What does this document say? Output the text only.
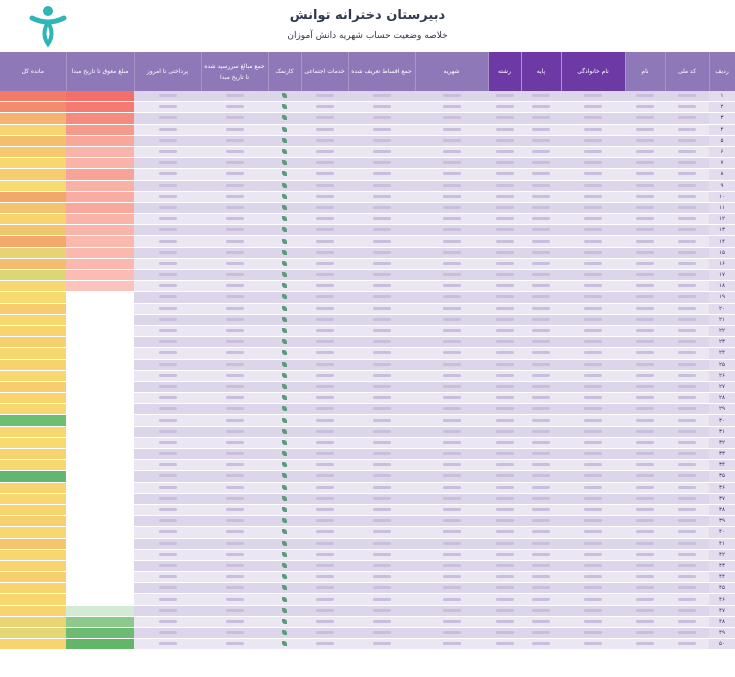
دبیرستان دخترانه توانش
خلاصه وضعیت حساب شهریه دانش آموزان
مانده کل	مبلغ معوق تا تاریخ مبدا	پرداختی تا امروز	جمع مبالغ سررسید شده تا تاریخ مبدا	کارنمک	خدمات اجتماعی	جمع اقساط تعریف شده	شهریه	رشته	پایه	نام خانوادگی	نام	کد ملی	ردیف
													۱
													۲
													۳
													۴
													۵
													۶
													۷
													۸
													۹
													۱۰
													۱۱
													۱۲
													۱۳
													۱۴
													۱۵
													۱۶
													۱۷
													۱۸
													۱۹
													۲۰
													۲۱
													۲۲
													۲۳
													۲۴
													۲۵
													۲۶
													۲۷
													۲۸
													۲۹
													۳۰
													۳۱
													۳۲
													۳۳
													۳۴
													۳۵
													۳۶
													۳۷
													۳۸
													۳۹
													۴۰
													۴۱
													۴۲
													۴۳
													۴۴
													۴۵
													۴۶
													۴۷
													۴۸
													۴۹
													۵۰
